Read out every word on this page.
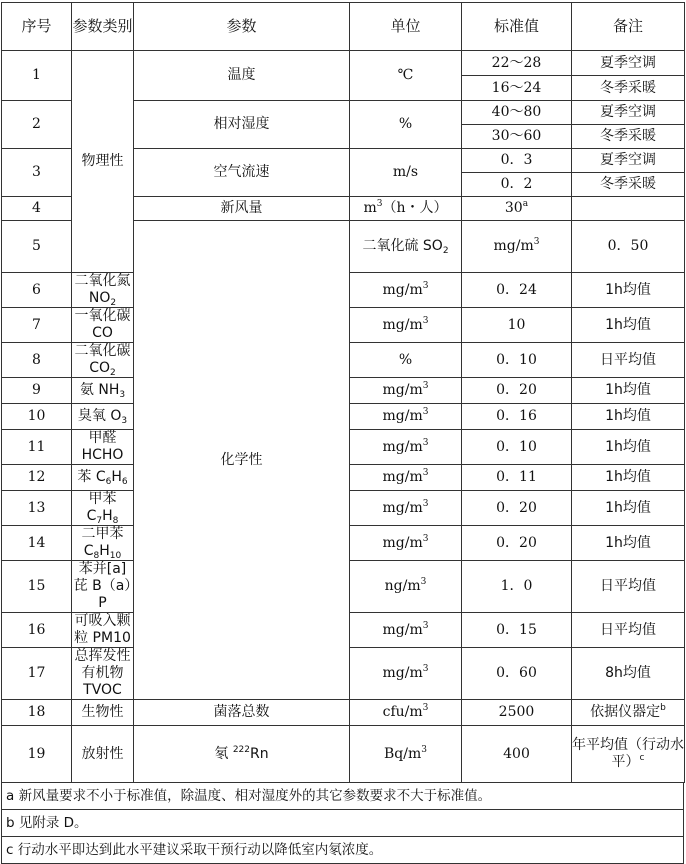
序号	参数类别	参数	单位	标准值	备注	
1	物理性	温度	℃	22～28	夏季空调	
				16～24	冬季采暖	
2		相对湿度	%	40～80	夏季空调	
				30～60	冬季采暖	
3		空气流速	m/s	0．3	夏季空调	
				0．2	冬季采暖	
4		新风量	$m^3(h$・人）	30$^a$	
5		化学性	二氧化硫 $SO_2$	$mg/m^3$	0．50	
6	二氧化氮 $NO_2$		$mg/m^3$	0．24	1h均值	
7	一氧化碳 CO		$mg/m^3$	10	1h均值	
8	二氧化碳 $CO_2$		%	0．10	日平均值	
9	氨 $NH_3$		$mg/m^3$	0．20	1h均值	
10	臭氧 $O_3$		$mg/m^3$	0．16	1h均值	
11	甲醛 HCHO		$mg/m^3$	0．10	1h均值	
12	苯 $C_6H_6$		$mg/m^3$	0．11	1h均值	
13	甲苯 $C_7H_8$		$mg/m^3$	0．20	1h均值	
14	二甲苯 $C_8H_{10}$		$mg/m^3$	0．20	1h均值	
15	苯并[a]芘 B（a）P		$ng/m^3$	1．0	日平均值	
16	可吸入颗粒 PM10		$mg/m^3$	0．15	日平均值	
17	总挥发性有机物 TVOC		$mg/m^3$	0．60	8h均值	
18	生物性	菌落总数	cfu/$m^3$	2500	依据仪器定$^b$
19	放射性	氡 $^{222}$Rn	$Bq/m^3$	400	年平均值（行动水平）$^c$
a 新风量要求不小于标准值，除温度、相对湿度外的其它参数要求不大于标准值。
b 见附录 D。
c 行动水平即达到此水平建议采取干预行动以降低室内氡浓度。
